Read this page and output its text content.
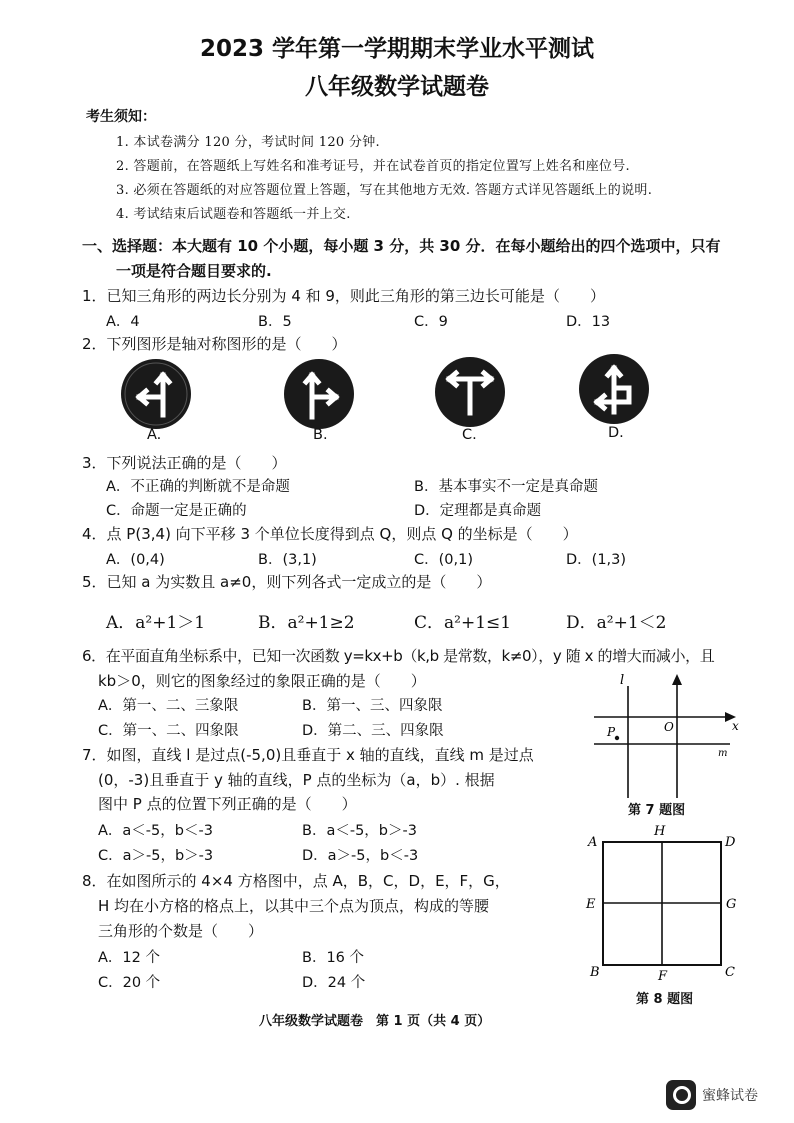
2023 学年第一学期期末学业水平测试
八年级数学试题卷
考生须知：
1. 本试卷满分 120 分，考试时间 120 分钟.
2. 答题前，在答题纸上写姓名和准考证号，并在试卷首页的指定位置写上姓名和座位号.
3. 必须在答题纸的对应答题位置上答题，写在其他地方无效. 答题方式详见答题纸上的说明.
4. 考试结束后试题卷和答题纸一并上交.
一、选择题：本大题有 10 个小题，每小题 3 分，共 30 分．在每小题给出的四个选项中，只有
一项是符合题目要求的.
1．已知三角形的两边长分别为 4 和 9，则此三角形的第三边长可能是（　　）
A．4	B．5	C．9	D．13
2．下列图形是轴对称图形的是（　　）
A.	B.	C.	D.
3．下列说法正确的是（　　）
A．不正确的判断就不是命题	B．基本事实不一定是真命题
C．命题一定是正确的	D．定理都是真命题
4．点 P(3,4) 向下平移 3 个单位长度得到点 Q，则点 Q 的坐标是（　　）
A．(0,4)	B．(3,1)	C．(0,1)	D．(1,3)
5．已知 a 为实数且 a≠0，则下列各式一定成立的是（　　）
A．a²+1＞1	B．a²+1≥2	C．a²+1≤1	D．a²+1＜2
6．在平面直角坐标系中，已知一次函数 y=kx+b（k,b 是常数，k≠0），y 随 x 的增大而减小，且
kb＞0，则它的图象经过的象限正确的是（　　）
A．第一、二、三象限	B．第一、三、四象限
C．第一、二、四象限	D．第二、三、四象限
7．如图，直线 l 是过点(-5,0)且垂直于 x 轴的直线，直线 m 是过点
(0，-3)且垂直于 y 轴的直线，P 点的坐标为（a，b）. 根据
图中 P 点的位置下列正确的是（　　）
A．a＜-5，b＜-3	B．a＜-5，b＞-3
C．a＞-5，b＞-3	D．a＞-5，b＜-3
l
O	x
P
m
第 7 题图
8．在如图所示的 4×4 方格图中，点 A，B，C，D，E，F，G，
H 均在小方格的格点上，以其中三个点为顶点，构成的等腰
三角形的个数是（　　）
A．12 个	B．16 个
C．20 个	D．24 个
A
H
D
E	G
B	F	C
第 8 题图
八年级数学试题卷　第 1 页（共 4 页）
蜜蜂试卷
